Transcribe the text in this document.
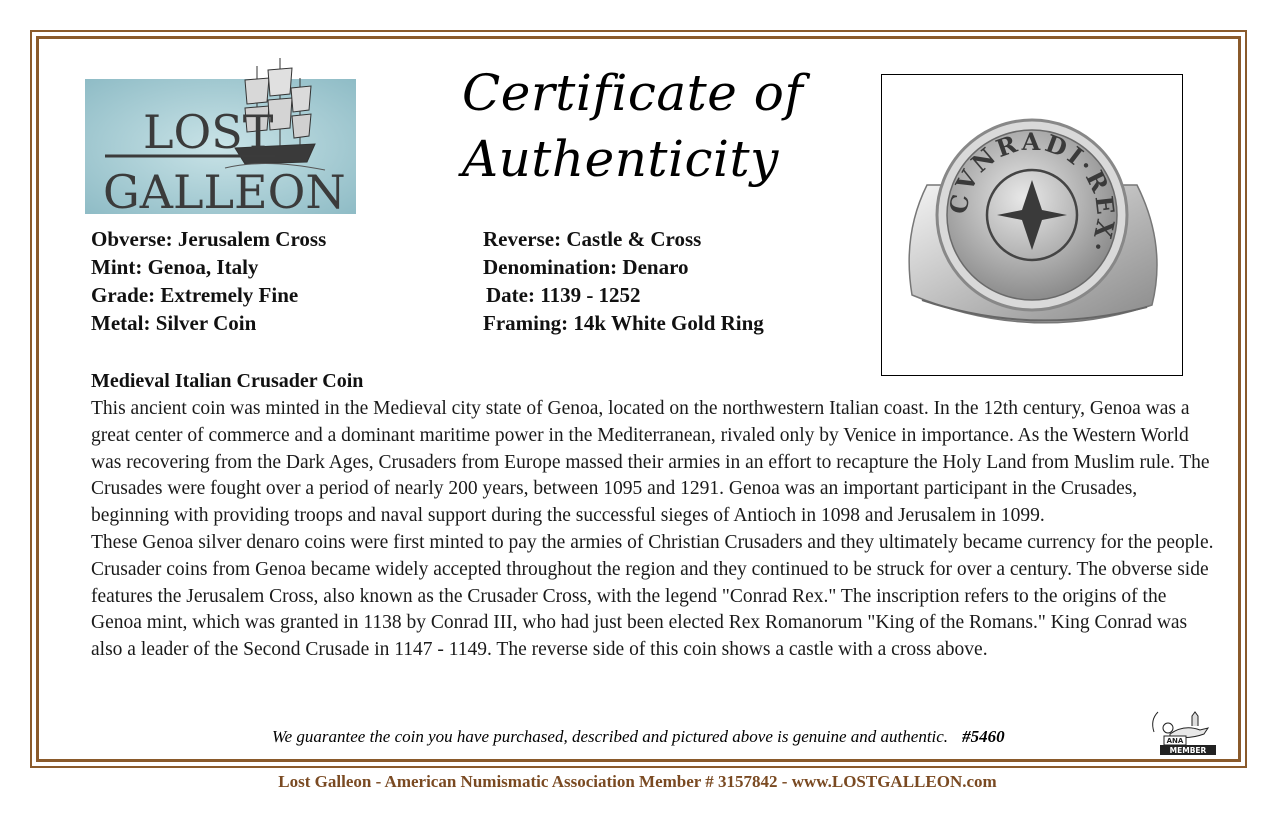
LOST
GALLEON
Certificate of
Authenticity
CVNRADI·REX·
Obverse: Jerusalem Cross
Mint: Genoa, Italy
Grade: Extremely Fine
Metal: Silver Coin
Reverse: Castle & Cross
Denomination: Denaro
Date: 1139 - 1252
Framing: 14k White Gold Ring
Medieval Italian Crusader Coin

This ancient coin was minted in the Medieval city state of Genoa, located on the northwestern Italian coast. In the 12th century, Genoa was a great center of commerce and a dominant maritime power in the Mediterranean, rivaled only by Venice in importance. As the Western World was recovering from the Dark Ages, Crusaders from Europe massed their armies in an effort to recapture the Holy Land from Muslim rule. The Crusades were fought over a period of nearly 200 years, between 1095 and 1291. Genoa was an important participant in the Crusades, beginning with providing troops and naval support during the successful sieges of Antioch in 1098 and Jerusalem in 1099.

These Genoa silver denaro coins were first minted to pay the armies of Christian Crusaders and they ultimately became currency for the people. Crusader coins from Genoa became widely accepted throughout the region and they continued to be struck for over a century. The obverse side features the Jerusalem Cross, also known as the Crusader Cross, with the legend "Conrad Rex." The inscription refers to the origins of the Genoa mint, which was granted in 1138 by Conrad III, who had just been elected Rex Romanorum "King of the Romans." King Conrad was also a leader of the Second Crusade in 1147 - 1149. The reverse side of this coin shows a castle with a cross above.

We guarantee the coin you have purchased, described and pictured above is genuine and authentic. #5460	ANA
MEMBER
Lost Galleon - American Numismatic Association Member # 3157842 - www.LOSTGALLEON.com
